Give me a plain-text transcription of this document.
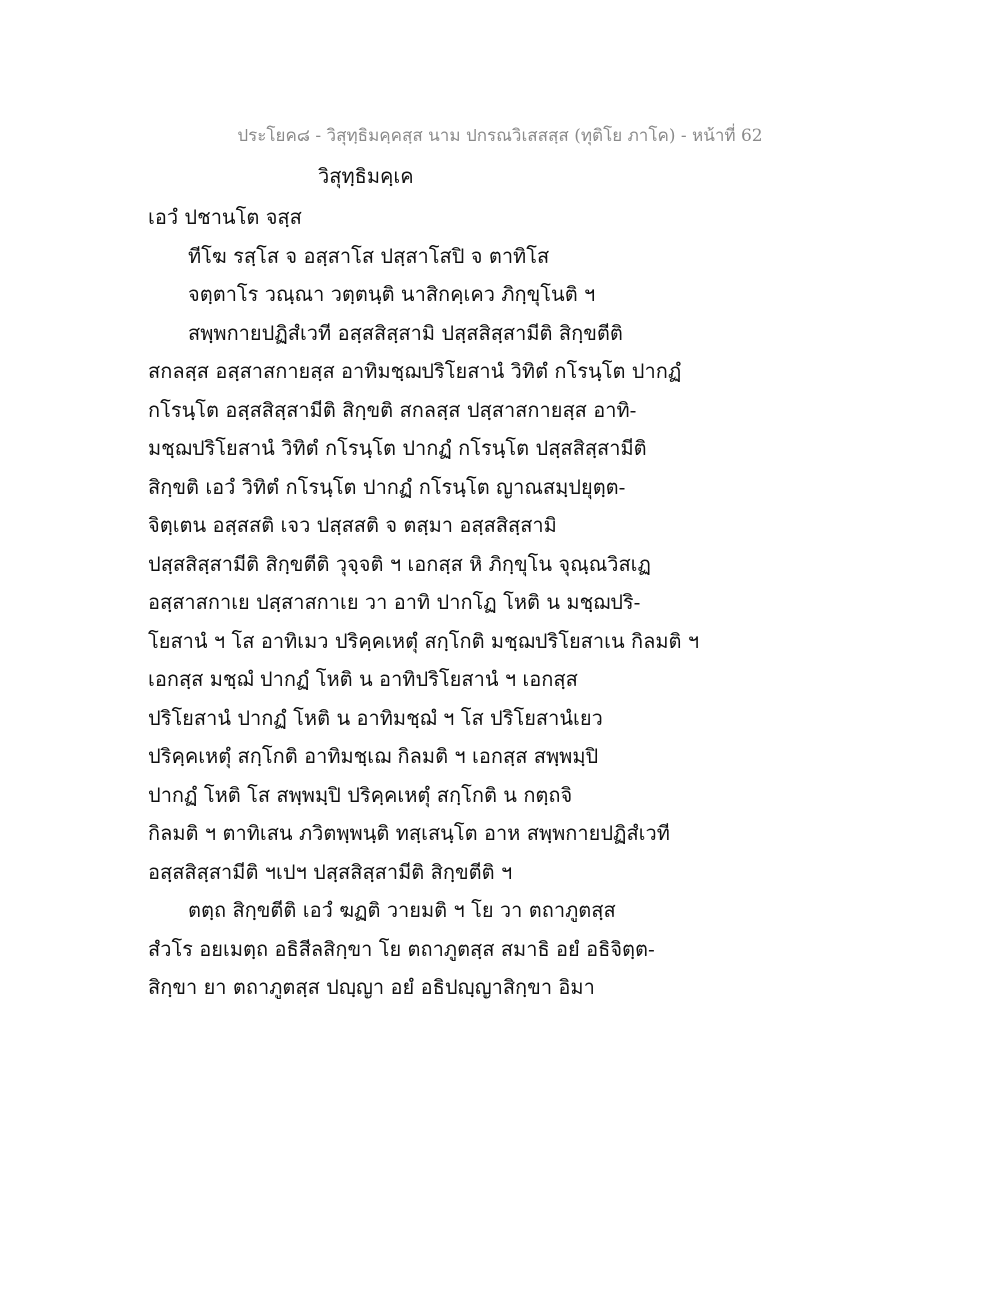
ประโยค๘ - วิสุทฺธิมคฺคสฺส นาม ปกรณวิเสสสฺส (ทุติโย ภาโค) - หน้าที่ 62
วิสุทฺธิมคฺเค
เอวํ ปชานโต จสฺส
ทีโฆ รสฺโส จ อสฺสาโส ปสฺสาโสปิ จ ตาทิโส
จตฺตาโร วณฺณา วตฺตนฺติ นาสิกคฺเคว ภิกฺขุโนติ ฯ
สพฺพกายปฏิสํเวที อสฺสสิสฺสามิ ปสฺสสิสฺสามีติ สิกฺขตีติ
สกลสฺส อสฺสาสกายสฺส อาทิมชฺฌปริโยสานํ วิทิตํ กโรนฺโต ปากฏํ
กโรนฺโต อสฺสสิสฺสามีติ สิกฺขติ สกลสฺส ปสฺสาสกายสฺส อาทิ-
มชฺฌปริโยสานํ วิทิตํ กโรนฺโต ปากฏํ กโรนฺโต ปสฺสสิสฺสามีติ
สิกฺขติ เอวํ วิทิตํ กโรนฺโต ปากฏํ กโรนฺโต ญาณสมฺปยุตฺต-
จิตฺเตน อสฺสสติ เจว ปสฺสสติ จ ตสฺมา อสฺสสิสฺสามิ
ปสฺสสิสฺสามีติ สิกฺขตีติ วุจฺจติ ฯ เอกสฺส หิ ภิกฺขุโน จุณฺณวิสเฏ
อสฺสาสกาเย ปสฺสาสกาเย วา อาทิ ปากโฏ โหติ น มชฺฌปริ-
โยสานํ ฯ โส อาทิเมว ปริคฺคเหตุํ สกฺโกติ มชฺฌปริโยสาเน กิลมติ ฯ
เอกสฺส มชฺฌํ ปากฏํ โหติ น อาทิปริโยสานํ ฯ เอกสฺส
ปริโยสานํ ปากฏํ โหติ น อาทิมชฺฌํ ฯ โส ปริโยสานํเยว
ปริคฺคเหตุํ สกฺโกติ อาทิมชฺเฌ กิลมติ ฯ เอกสฺส สพฺพมฺปิ
ปากฏํ โหติ โส สพฺพมฺปิ ปริคฺคเหตุํ สกฺโกติ น กตฺถจิ
กิลมติ ฯ ตาทิเสน ภวิตพฺพนฺติ ทสฺเสนฺโต อาห สพฺพกายปฏิสํเวที
อสฺสสิสฺสามีติ ฯเปฯ ปสฺสสิสฺสามีติ สิกฺขตีติ ฯ
ตตฺถ สิกฺขตีติ เอวํ ฆฏติ วายมติ ฯ โย วา ตถาภูตสฺส
สํวโร อยเมตฺถ อธิสีลสิกฺขา โย ตถาภูตสฺส สมาธิ อยํ อธิจิตฺต-
สิกฺขา ยา ตถาภูตสฺส ปญฺญา อยํ อธิปญฺญาสิกฺขา อิมา
